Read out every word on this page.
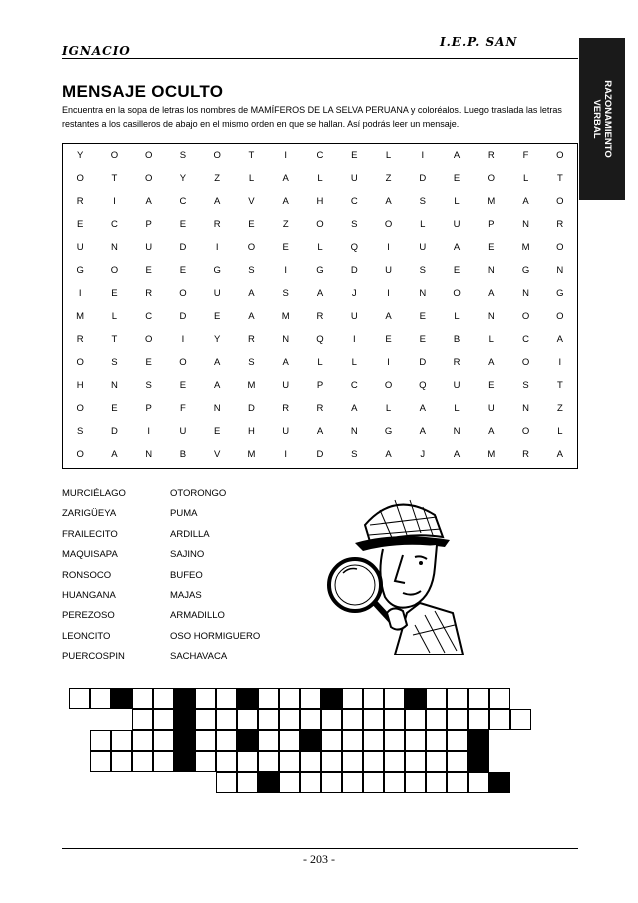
I.E.P. SAN
IGNACIO
RAZONAMIENTO
VERBAL
MENSAJE OCULTO
Encuentra en la sopa de letras los nombres de MAMÍFEROS DE LA SELVA PERUANA y coloréalos. Luego traslada las letras restantes a los casilleros de abajo en el mismo orden en que se hallan. Así podrás leer un mensaje.
Y	O	O	S	O	T	I	C	E	L	I	A	R	F	O
O	T	O	Y	Z	L	A	L	U	Z	D	E	O	L	T
R	I	A	C	A	V	A	H	C	A	S	L	M	A	O
E	C	P	E	R	E	Z	O	S	O	L	U	P	N	R
U	N	U	D	I	O	E	L	Q	I	U	A	E	M	O
G	O	E	E	G	S	I	G	D	U	S	E	N	G	N
I	E	R	O	U	A	S	A	J	I	N	O	A	N	G
M	L	C	D	E	A	M	R	U	A	E	L	N	O	O
R	T	O	I	Y	R	N	Q	I	E	E	B	L	C	A
O	S	E	O	A	S	A	L	L	I	D	R	A	O	I
H	N	S	E	A	M	U	P	C	O	Q	U	E	S	T
O	E	P	F	N	D	R	R	A	L	A	L	U	N	Z
S	D	I	U	E	H	U	A	N	G	A	N	A	O	L
O	A	N	B	V	M	I	D	S	A	J	A	M	R	A
MURCIÉLAGO
ZARIGÜEYA
FRAILECITO
MAQUISAPA
RONSOCO
HUANGANA
PEREZOSO
LEONCITO
PUERCOSPIN
OTORONGO
PUMA
ARDILLA
SAJINO
BUFEO
MAJAS
ARMADILLO
OSO HORMIGUERO
SACHAVACA
- 203 -
